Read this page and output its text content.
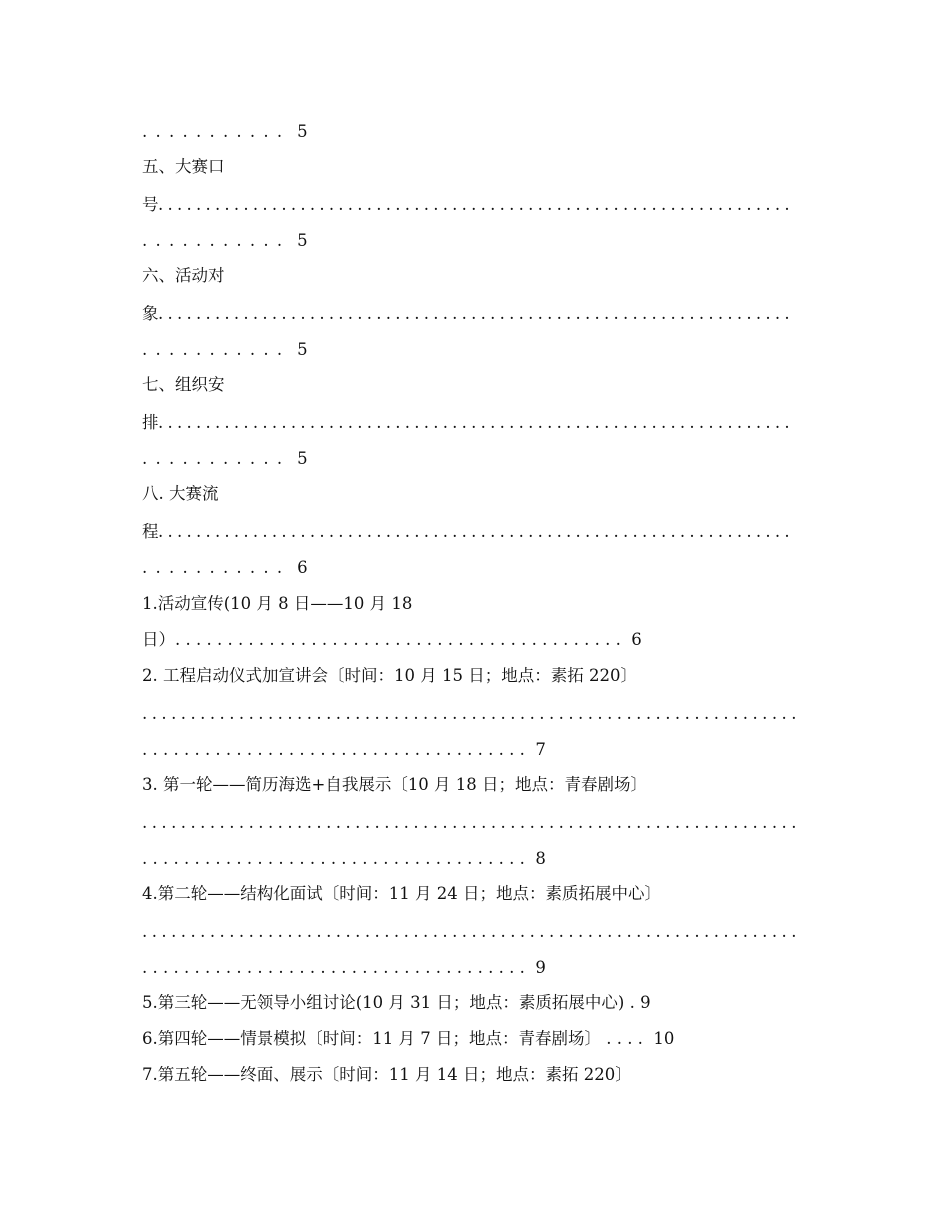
. . . . . . . . . . .  5
五、大赛口
号. . . . . . . . . . . . . . . . . . . . . . . . . . . . . . . . . . . . . . . . . . . . . . . . . . . . . . . . . . . . . . . . . . .
. . . . . . . . . . .  5
六、活动对
象. . . . . . . . . . . . . . . . . . . . . . . . . . . . . . . . . . . . . . . . . . . . . . . . . . . . . . . . . . . . . . . . . . .
. . . . . . . . . . .  5
七、组织安
排. . . . . . . . . . . . . . . . . . . . . . . . . . . . . . . . . . . . . . . . . . . . . . . . . . . . . . . . . . . . . . . . . . .
. . . . . . . . . . .  5
八. 大赛流
程. . . . . . . . . . . . . . . . . . . . . . . . . . . . . . . . . . . . . . . . . . . . . . . . . . . . . . . . . . . . . . . . . . .
. . . . . . . . . . .  6
1.活动宣传(10 月 8 日——10 月 18
日）. . . . . . . . . . . . . . . . . . . . . . . . . . . . . . . . . . . . . . . . . . .  6
2. 工程启动仪式加宣讲会〔时间：10 月 15 日；地点：素拓 220〕
. . . . . . . . . . . . . . . . . . . . . . . . . . . . . . . . . . . . . . . . . . . . . . . . . . . . . . . . . . . . . . . . . . . .
. . . . . . . . . . . . . . . . . . . . . . . . . . . . . . . . . . . . .  7
3. 第一轮——简历海选+自我展示〔10 月 18 日；地点：青春剧场〕
. . . . . . . . . . . . . . . . . . . . . . . . . . . . . . . . . . . . . . . . . . . . . . . . . . . . . . . . . . . . . . . . . . . .
. . . . . . . . . . . . . . . . . . . . . . . . . . . . . . . . . . . . .  8
4.第二轮——结构化面试〔时间：11 月 24 日；地点：素质拓展中心〕
. . . . . . . . . . . . . . . . . . . . . . . . . . . . . . . . . . . . . . . . . . . . . . . . . . . . . . . . . . . . . . . . . . . .
. . . . . . . . . . . . . . . . . . . . . . . . . . . . . . . . . . . . .  9
5.第三轮——无领导小组讨论(10 月 31 日；地点：素质拓展中心) . 9
6.第四轮——情景模拟〔时间：11 月 7 日；地点：青春剧场〕 . . . .  10
7.第五轮——终面、展示〔时间：11 月 14 日；地点：素拓 220〕
